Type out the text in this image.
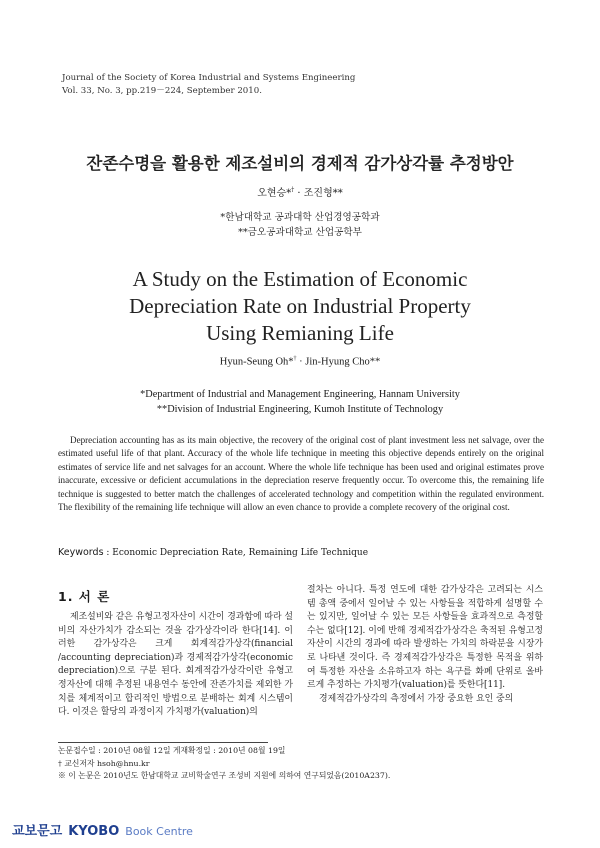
Journal of the Society of Korea Industrial and Systems Engineering
Vol. 33, No. 3, pp.219－224, September 2010.
잔존수명을 활용한 제조설비의 경제적 감가상각률 추정방안
오현승*† · 조진형**
*한남대학교 공과대학 산업경영공학과
**금오공과대학교 산업공학부
A Study on the Estimation of Economic
Depreciation Rate on Industrial Property
Using Remianing Life
Hyun-Seung Oh*† · Jin-Hyung Cho**
*Department of Industrial and Management Engineering, Hannam University
**Division of Industrial Engineering, Kumoh Institute of Technology
Depreciation accounting has as its main objective, the recovery of the original cost of plant investment less net salvage, over the estimated useful life of that plant. Accuracy of the whole life technique in meeting this objective depends entirely on the original estimates of service life and net salvages for an account. Where the whole life technique has been used and original estimates prove inaccurate, excessive or deficient accumulations in the depreciation reserve frequently occur. To overcome this, the remaining life technique is suggested to better match the challenges of accelerated technology and competition within the regulated environment. The flexibility of the remaining life technique will allow an even chance to provide a complete recovery of the original cost.
Keywords : Economic Depreciation Rate, Remaining Life Technique
1. 서 론
제조설비와 같은 유형고정자산이 시간이 경과함에 따라 설비의 자산가치가 감소되는 것을 감가상각이라 한다[14]. 이러한 감가상각은 크게 회계적감가상각(financial /accounting depreciation)과 경제적감가상각(economic depreciation)으로 구분 된다. 회계적감가상각이란 유형고정자산에 대해 추정된 내용연수 동안에 잔존가치를 제외한 가치를 체계적이고 합리적인 방법으로 분배하는 회계 시스템이다. 이것은 할당의 과정이지 가치평가(valuation)의
절차는 아니다. 특정 연도에 대한 감가상각은 고려되는 시스템 총액 중에서 일어날 수 있는 사항들을 적합하게 설명할 수는 있지만, 일어날 수 있는 모든 사항들을 효과적으로 측정할 수는 없다[12]. 이에 반해 경제적감가상각은 축적된 유형고정자산이 시간의 경과에 따라 발생하는 가치의 하락분을 시장가로 나타낸 것이다. 즉 경제적감가상각은 특정한 목적을 위하여 특정한 자산을 소유하고자 하는 욕구를 화폐 단위로 올바르게 추정하는 가치평가(valuation)를 뜻한다[11].
경제적감가상각의 측정에서 가장 중요한 요인 중의
논문접수일 : 2010년 08월 12일 게재확정일 : 2010년 08월 19일
† 교신저자 hsoh@hnu.kr
※ 이 논문은 2010년도 한남대학교 교비학술연구 조성비 지원에 의하여 연구되었음(2010A237).
교보문고 KYOBO Book Centre
